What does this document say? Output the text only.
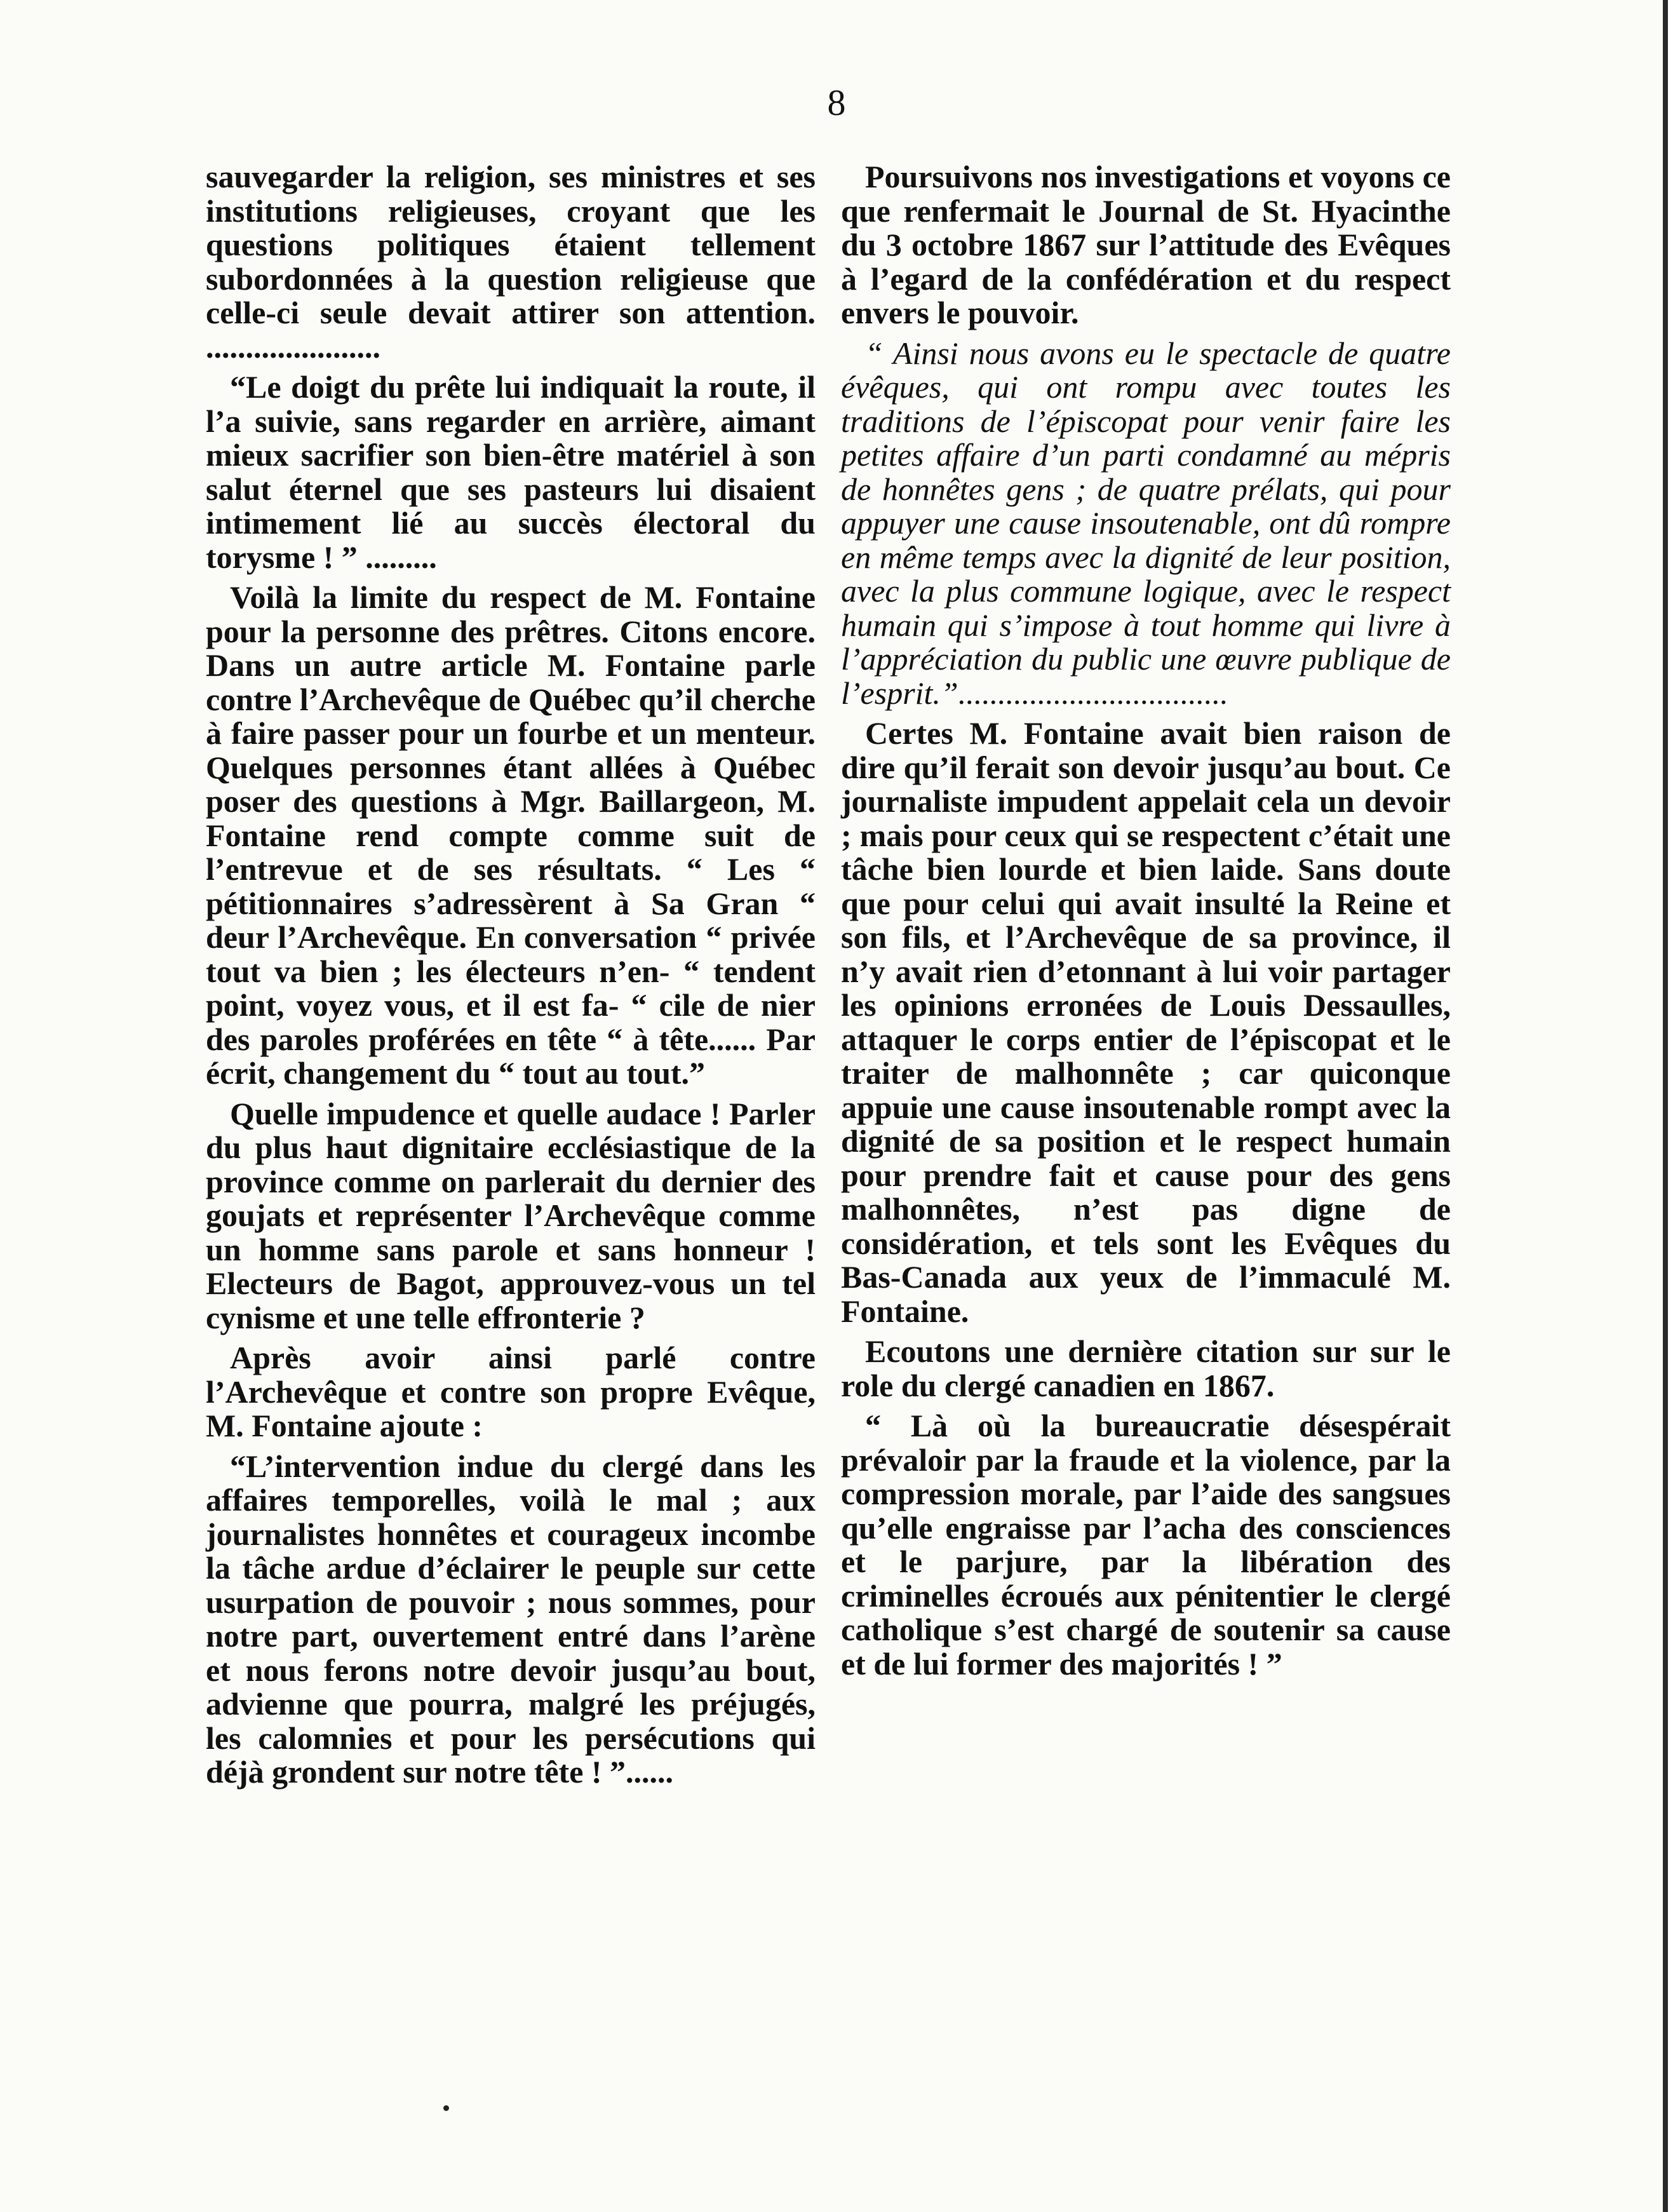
8

sauvegarder la religion, ses ministres et ses institutions religieuses, croyant que les questions politiques étaient tellement subordonnées à la question religieuse que celle-ci seule devait attirer son attention. ......................

“Le doigt du prête lui indiquait la route, il l’a suivie, sans regarder en arrière, aimant mieux sacrifier son bien-être matériel à son salut éternel que ses pasteurs lui disaient intimement lié au succès électoral du torysme ! ” .........

Voilà la limite du respect de M. Fontaine pour la personne des prêtres. Citons encore. Dans un autre article M. Fontaine parle contre l’Archevêque de Québec qu’il cherche à faire passer pour un fourbe et un menteur. Quelques personnes étant allées à Québec poser des questions à Mgr. Baillargeon, M. Fontaine rend compte comme suit de l’entrevue et de ses résultats. “ Les “ pétitionnaires s’adressèrent à Sa Gran “ deur l’Archevêque. En conversation “ privée tout va bien ; les électeurs n’en- “ tendent point, voyez vous, et il est fa- “ cile de nier des paroles proférées en tête “ à tête...... Par écrit, changement du “ tout au tout.”

Quelle impudence et quelle audace ! Parler du plus haut dignitaire ecclésiastique de la province comme on parlerait du dernier des goujats et représenter l’Archevêque comme un homme sans parole et sans honneur ! Electeurs de Bagot, approuvez-vous un tel cynisme et une telle effronterie ?

Après avoir ainsi parlé contre l’Archevêque et contre son propre Evêque, M. Fontaine ajoute :

“L’intervention indue du clergé dans les affaires temporelles, voilà le mal ; aux journalistes honnêtes et courageux incombe la tâche ardue d’éclairer le peuple sur cette usurpation de pouvoir ; nous sommes, pour notre part, ouvertement entré dans l’arène et nous ferons notre devoir jusqu’au bout, advienne que pourra, malgré les préjugés, les calomnies et pour les persécutions qui déjà grondent sur notre tête ! ”......

Poursuivons nos investigations et voyons ce que renfermait le Journal de St. Hyacinthe du 3 octobre 1867 sur l’attitude des Evêques à l’egard de la confédération et du respect envers le pouvoir.

“ Ainsi nous avons eu le spectacle de quatre évêques, qui ont rompu avec toutes les traditions de l’épiscopat pour venir faire les petites affaire d’un parti condamné au mépris de honnêtes gens ; de quatre prélats, qui pour appuyer une cause insoutenable, ont dû rompre en même temps avec la dignité de leur position, avec la plus commune logique, avec le respect humain qui s’impose à tout homme qui livre à l’appréciation du public une œuvre publique de l’esprit.”..................................

Certes M. Fontaine avait bien raison de dire qu’il ferait son devoir jusqu’au bout. Ce journaliste impudent appelait cela un devoir ; mais pour ceux qui se respectent c’était une tâche bien lourde et bien laide. Sans doute que pour celui qui avait insulté la Reine et son fils, et l’Archevêque de sa province, il n’y avait rien d’etonnant à lui voir partager les opinions erronées de Louis Dessaulles, attaquer le corps entier de l’épiscopat et le traiter de malhonnête ; car quiconque appuie une cause insoutenable rompt avec la dignité de sa position et le respect humain pour prendre fait et cause pour des gens malhonnêtes, n’est pas digne de considération, et tels sont les Evêques du Bas-Canada aux yeux de l’immaculé M. Fontaine.

Ecoutons une dernière citation sur sur le role du clergé canadien en 1867.

“ Là où la bureaucratie désespérait prévaloir par la fraude et la violence, par la compression morale, par l’aide des sangsues qu’elle engraisse par l’acha des consciences et le parjure, par la libération des criminelles écroués aux pénitentier le clergé catholique s’est chargé de soutenir sa cause et de lui former des majorités ! ”
